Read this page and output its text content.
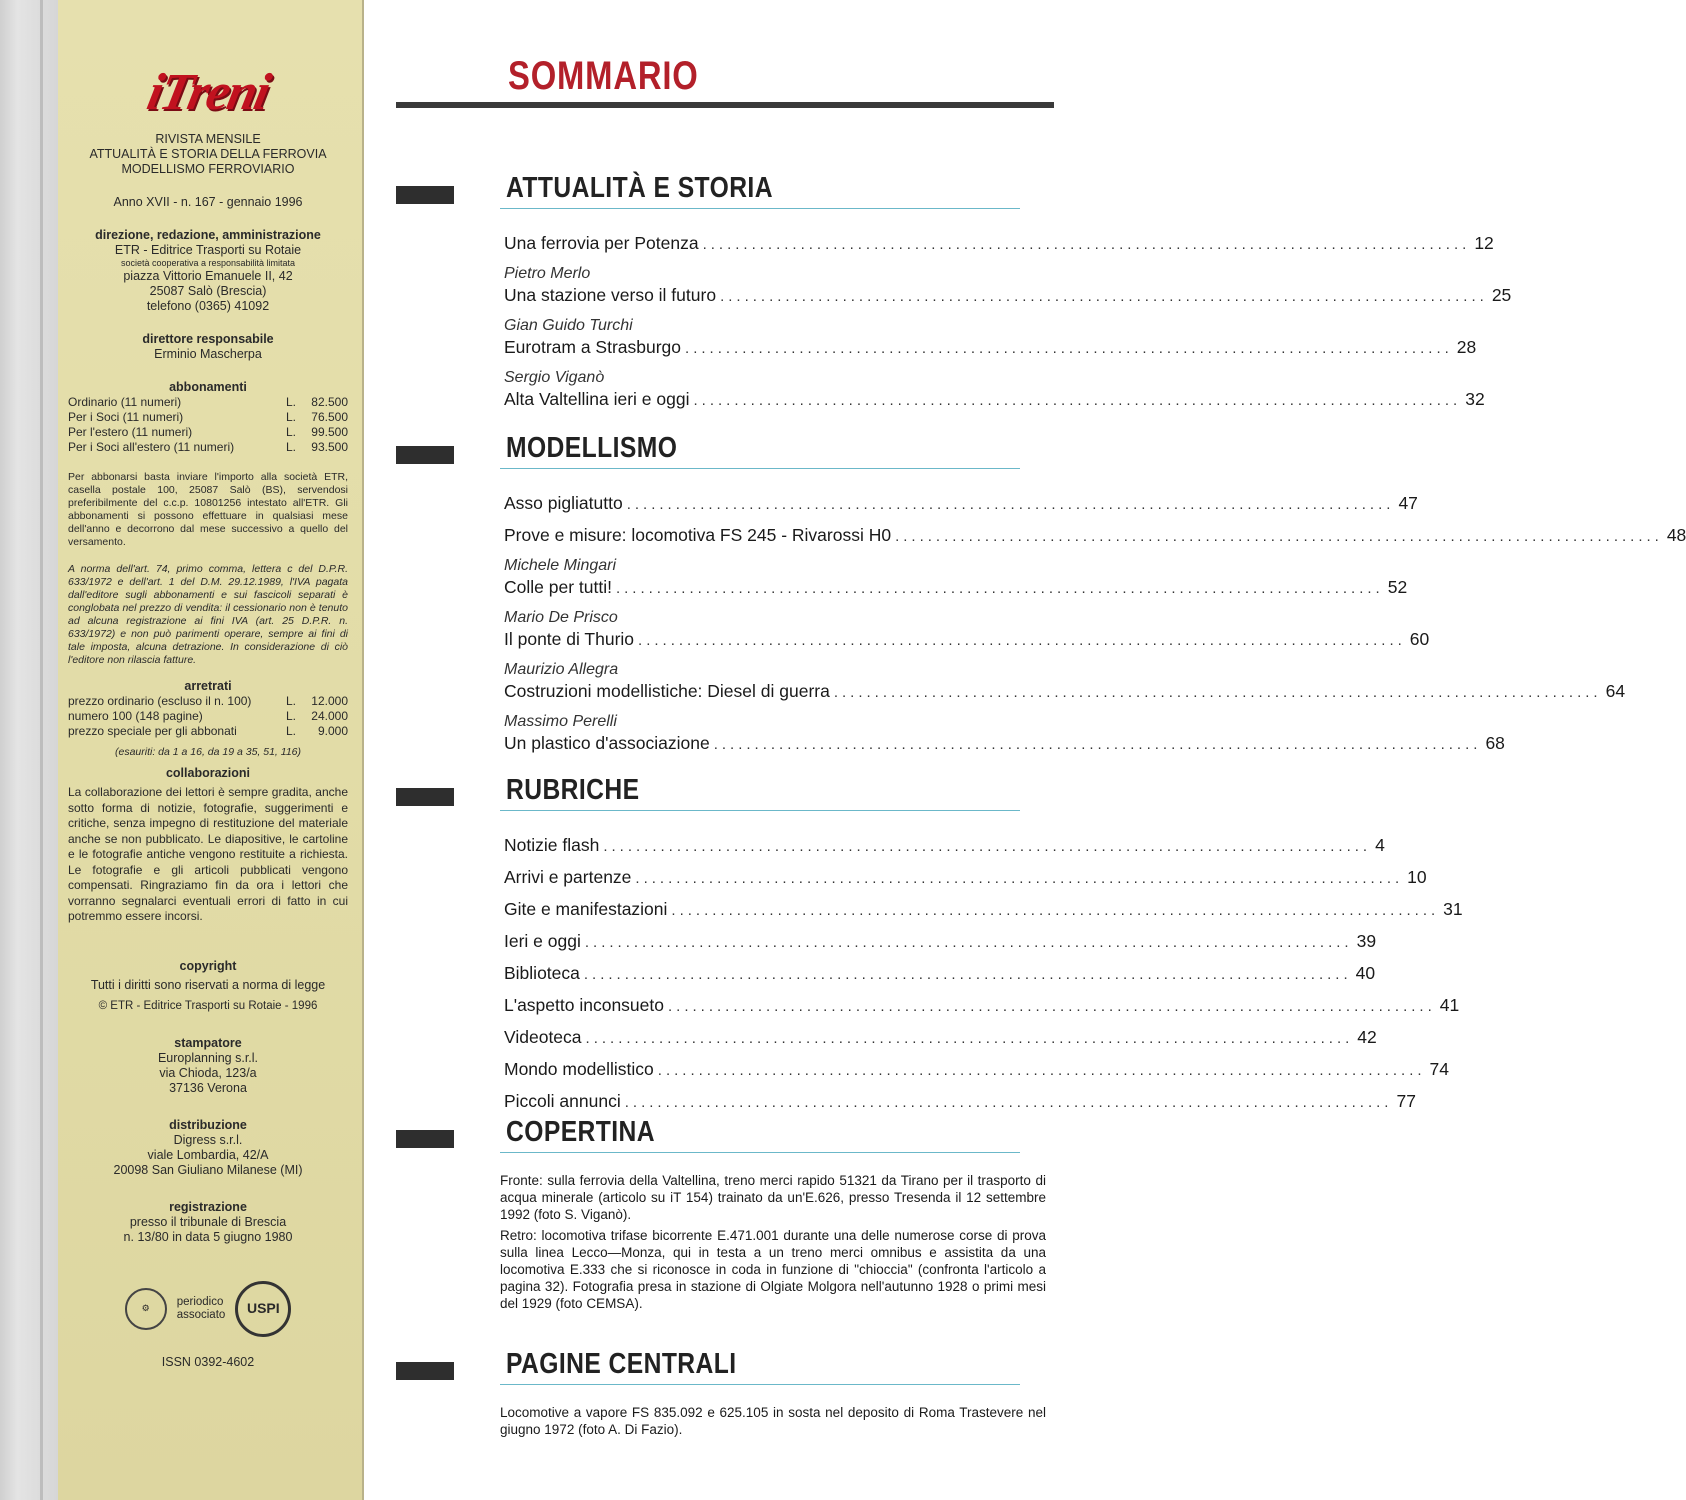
iTreni
RIVISTA MENSILE
ATTUALITÀ E STORIA DELLA FERROVIA
MODELLISMO FERROVIARIO
Anno XVII - n. 167 - gennaio 1996
direzione, redazione, amministrazione
ETR - Editrice Trasporti su Rotaie
società cooperativa a responsabilità limitata
piazza Vittorio Emanuele II, 42
25087 Salò (Brescia)
telefono (0365) 41092
direttore responsabile
Erminio Mascherpa
abbonamenti
Ordinario (11 numeri)	L.	82.500
Per i Soci (11 numeri)	L.	76.500
Per l'estero (11 numeri)	L.	99.500
Per i Soci all'estero (11 numeri)	L.	93.500
Per abbonarsi basta inviare l'importo alla società ETR, casella postale 100, 25087 Salò (BS), servendosi preferibilmente del c.c.p. 10801256 intestato all'ETR. Gli abbonamenti si possono effettuare in qualsiasi mese dell'anno e decorrono dal mese successivo a quello del versamento.
A norma dell'art. 74, primo comma, lettera c del D.P.R. 633/1972 e dell'art. 1 del D.M. 29.12.1989, l'IVA pagata dall'editore sugli abbonamenti e sui fascicoli separati è conglobata nel prezzo di vendita: il cessionario non è tenuto ad alcuna registrazione ai fini IVA (art. 25 D.P.R. n. 633/1972) e non può parimenti operare, sempre ai fini di tale imposta, alcuna detrazione. In considerazione di ciò l'editore non rilascia fatture.
arretrati
prezzo ordinario (escluso il n. 100)	L.	12.000
numero 100 (148 pagine)	L.	24.000
prezzo speciale per gli abbonati	L.	9.000
(esauriti: da 1 a 16, da 19 a 35, 51, 116)
collaborazioni
La collaborazione dei lettori è sempre gradita, anche sotto forma di notizie, fotografie, suggerimenti e critiche, senza impegno di restituzione del materiale anche se non pubblicato. Le diapositive, le cartoline e le fotografie antiche vengono restituite a richiesta. Le fotografie e gli articoli pubblicati vengono compensati. Ringraziamo fin da ora i lettori che vorranno segnalarci eventuali errori di fatto in cui potremmo essere incorsi.
copyright
Tutti i diritti sono riservati a norma di legge
© ETR - Editrice Trasporti su Rotaie - 1996
stampatore
Europlanning s.r.l.
via Chioda, 123/a
37136 Verona
distribuzione
Digress s.r.l.
viale Lombardia, 42/A
20098 San Giuliano Milanese (MI)
registrazione
presso il tribunale di Brescia
n. 13/80 in data 5 giugno 1980
⚙
periodico
associato	USPI
ISSN 0392-4602
SOMMARIO
ATTUALITÀ E STORIA
Una ferrovia per Potenza .............................................................................................. 12
Pietro Merlo
Una stazione verso il futuro .............................................................................................. 25
Gian Guido Turchi
Eurotram a Strasburgo .............................................................................................. 28
Sergio Viganò
Alta Valtellina ieri e oggi .............................................................................................. 32
MODELLISMO
Asso pigliatutto .............................................................................................. 47
Prove e misure: locomotiva FS 245 - Rivarossi H0 .............................................................................................. 48
Michele Mingari
Colle per tutti! .............................................................................................. 52
Mario De Prisco
Il ponte di Thurio .............................................................................................. 60
Maurizio Allegra
Costruzioni modellistiche: Diesel di guerra .............................................................................................. 64
Massimo Perelli
Un plastico d'associazione .............................................................................................. 68
RUBRICHE
Notizie flash .............................................................................................. 4
Arrivi e partenze .............................................................................................. 10
Gite e manifestazioni .............................................................................................. 31
Ieri e oggi .............................................................................................. 39
Biblioteca .............................................................................................. 40
L'aspetto inconsueto .............................................................................................. 41
Videoteca .............................................................................................. 42
Mondo modellistico .............................................................................................. 74
Piccoli annunci .............................................................................................. 77
COPERTINA

Fronte: sulla ferrovia della Valtellina, treno merci rapido 51321 da Tirano per il trasporto di acqua minerale (articolo su iT 154) trainato da un'E.626, presso Tresenda il 12 settembre 1992 (foto S. Viganò).

Retro: locomotiva trifase bicorrente E.471.001 durante una delle numerose corse di prova sulla linea Lecco—Monza, qui in testa a un treno merci omnibus e assistita da una locomotiva E.333 che si riconosce in coda in funzione di "chioccia" (confronta l'articolo a pagina 32). Fotografia presa in stazione di Olgiate Molgora nell'autunno 1928 o primi mesi del 1929 (foto CEMSA).

PAGINE CENTRALI

Locomotive a vapore FS 835.092 e 625.105 in sosta nel deposito di Roma Trastevere nel giugno 1972 (foto A. Di Fazio).
